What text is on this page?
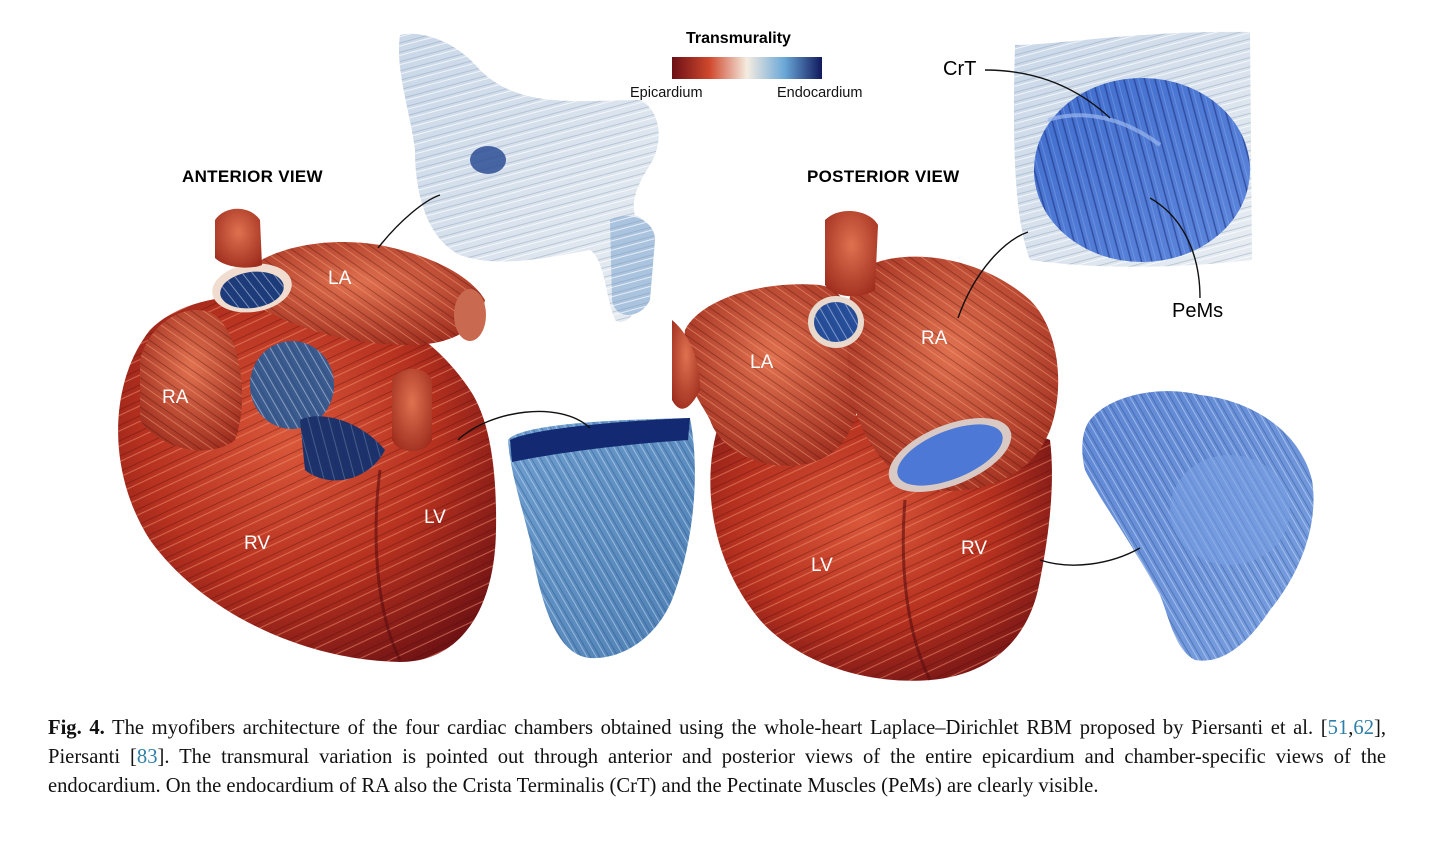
Transmurality
Epicardium	Endocardium
ANTERIOR VIEW	POSTERIOR VIEW
LA
RA
RV
LV
LA
RA
LV
RV
CrT
PeMs
Fig. 4. The myofibers architecture of the four cardiac chambers obtained using the whole-heart Laplace–Dirichlet RBM proposed by Piersanti et al. [51,62], Piersanti [83]. The transmural variation is pointed out through anterior and posterior views of the entire epicardium and chamber-specific views of the endocardium. On the endocardium of RA also the Crista Terminalis (CrT) and the Pectinate Muscles (PeMs) are clearly visible.
